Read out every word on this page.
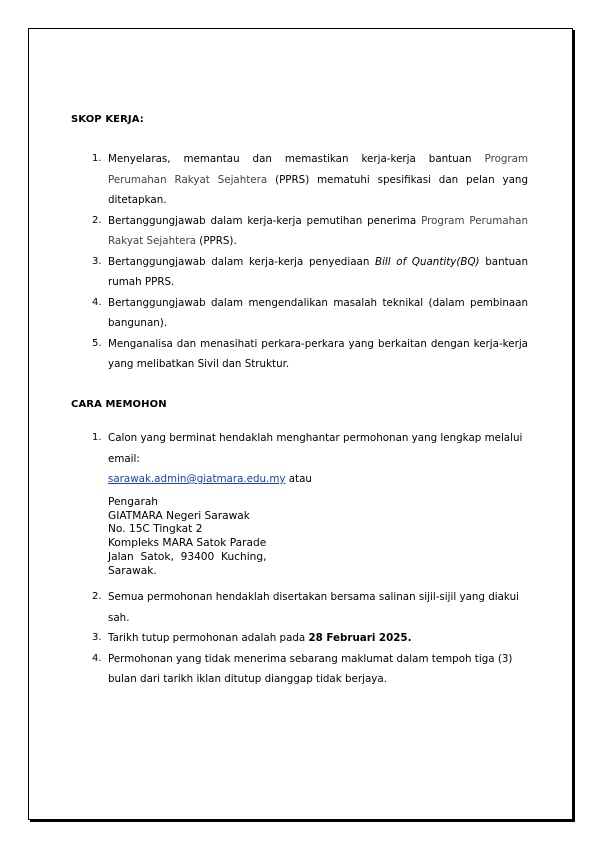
SKOP KERJA:
1. Menyelaras, memantau dan memastikan kerja-kerja bantuan Program Perumahan Rakyat Sejahtera (PPRS) mematuhi spesifikasi dan pelan yang ditetapkan.
2. Bertanggungjawab dalam kerja-kerja pemutihan penerima Program Perumahan Rakyat Sejahtera (PPRS).
3. Bertanggungjawab dalam kerja-kerja penyediaan Bill of Quantity(BQ) bantuan rumah PPRS.
4. Bertanggungjawab dalam mengendalikan masalah teknikal (dalam pembinaan bangunan).
5. Menganalisa dan menasihati perkara-perkara yang berkaitan dengan kerja-kerja yang melibatkan Sivil dan Struktur.
CARA MEMOHON
1. Calon yang berminat hendaklah menghantar permohonan yang lengkap melalui email:
sarawak.admin@giatmara.edu.my atau
Pengarah
GIATMARA Negeri Sarawak
No. 15C Tingkat 2
Kompleks MARA Satok Parade
Jalan  Satok,  93400  Kuching,
Sarawak.
2. Semua permohonan hendaklah disertakan bersama salinan sijil-sijil yang diakui sah.
3. Tarikh tutup permohonan adalah pada 28 Februari 2025.
4. Permohonan yang tidak menerima sebarang maklumat dalam tempoh tiga (3) bulan dari tarikh iklan ditutup dianggap tidak berjaya.
